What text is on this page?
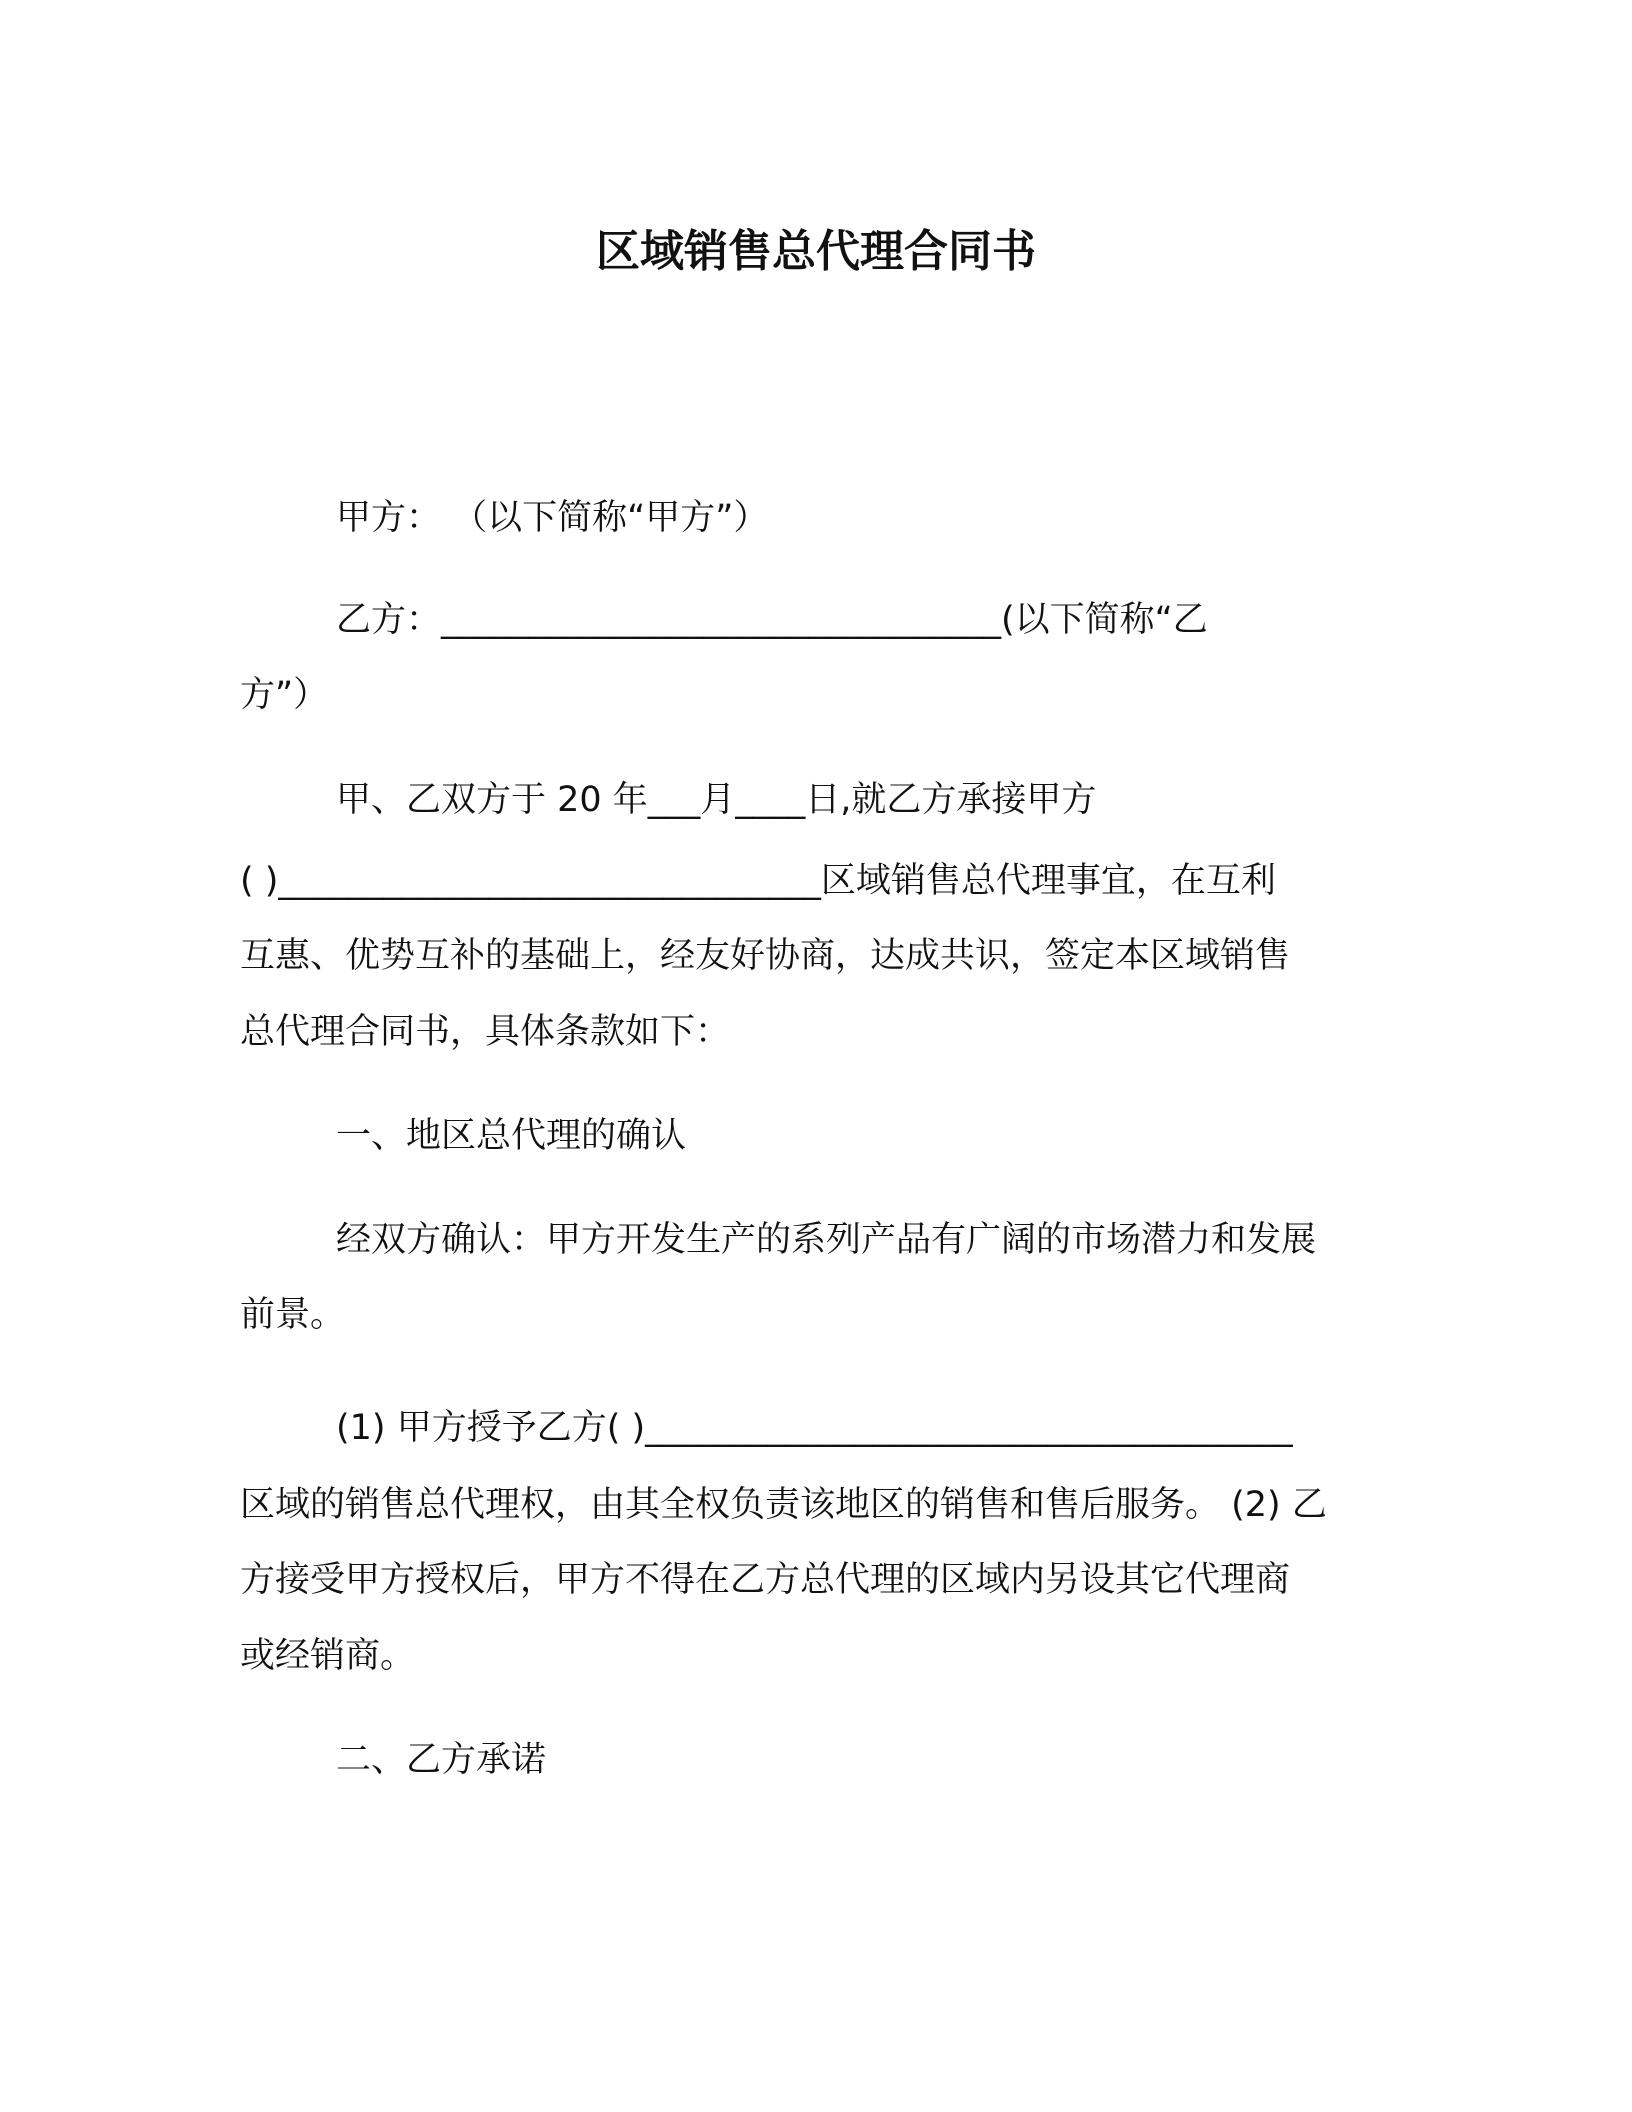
区域销售总代理合同书

甲方： （以下简称“甲方”）

乙方：________________________________(以下简称“乙

方”）

甲、乙双方于 20 年___月____日,就乙方承接甲方

( )_______________________________区域销售总代理事宜，在互利

互惠、优势互补的基础上，经友好协商，达成共识，签定本区域销售

总代理合同书，具体条款如下：

一、地区总代理的确认

经双方确认：甲方开发生产的系列产品有广阔的市场潜力和发展

前景。

(1) 甲方授予乙方( )_____________________________________

区域的销售总代理权，由其全权负责该地区的销售和售后服务。 (2) 乙

方接受甲方授权后，甲方不得在乙方总代理的区域内另设其它代理商

或经销商。

二、乙方承诺
